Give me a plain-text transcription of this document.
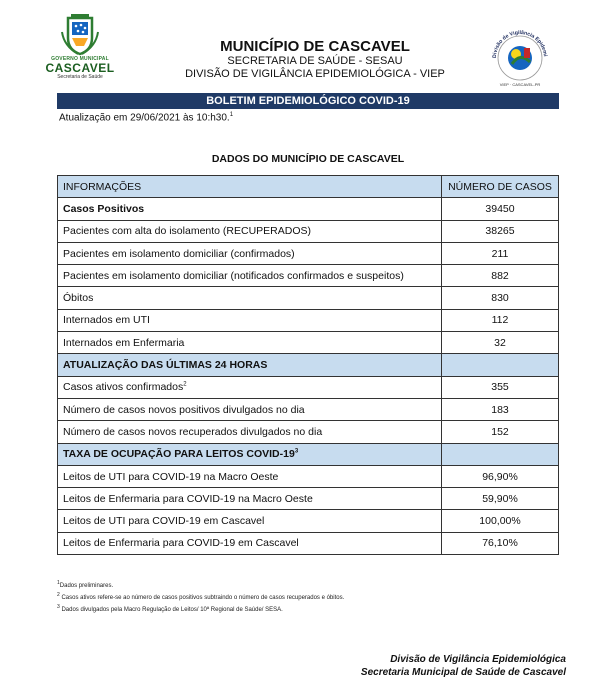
GOVERNO MUNICIPAL
CASCAVEL
Secretaria de Saúde
MUNICÍPIO DE CASCAVEL
SECRETARIA DE SAÚDE - SESAU
DIVISÃO DE VIGILÂNCIA EPIDEMIOLÓGICA - VIEP
Divisão de Vigilância Epidemi
VIEP · CASCAVEL-PR
BOLETIM EPIDEMIOLÓGICO COVID-19
Atualização em 29/06/2021 às 10:h30.$^1$
DADOS DO MUNICÍPIO DE CASCAVEL
INFORMAÇÕES	NÚMERO DE CASOS
Casos Positivos	39450
Pacientes com alta do isolamento (RECUPERADOS)	38265
Pacientes em isolamento domiciliar (confirmados)	211
Pacientes em isolamento domiciliar (notificados confirmados e suspeitos)	882
Óbitos	830
Internados em UTI	112
Internados em Enfermaria	32
ATUALIZAÇÃO DAS ÚLTIMAS 24 HORAS	
Casos ativos confirmados$^2$	355
Número de casos novos positivos divulgados no dia	183
Número de casos novos recuperados divulgados no dia	152
TAXA DE OCUPAÇÃO PARA LEITOS COVID-$19^3$	
Leitos de UTI para COVID-19 na Macro Oeste	96,90%
Leitos de Enfermaria para COVID-19 na Macro Oeste	59,90%
Leitos de UTI para COVID-19 em Cascavel	100,00%
Leitos de Enfermaria para COVID-19 em Cascavel	76,10%
$^1$Dados preliminares.
$^2$ Casos ativos refere-se ao número de casos positivos subtraindo o número de casos recuperados e óbitos.
$^3$ Dados divulgados pela Macro Regulação de Leitos/ 10ª Regional de Saúde/ SESA.
Divisão de Vigilância Epidemiológica
Secretaria Municipal de Saúde de Cascavel
